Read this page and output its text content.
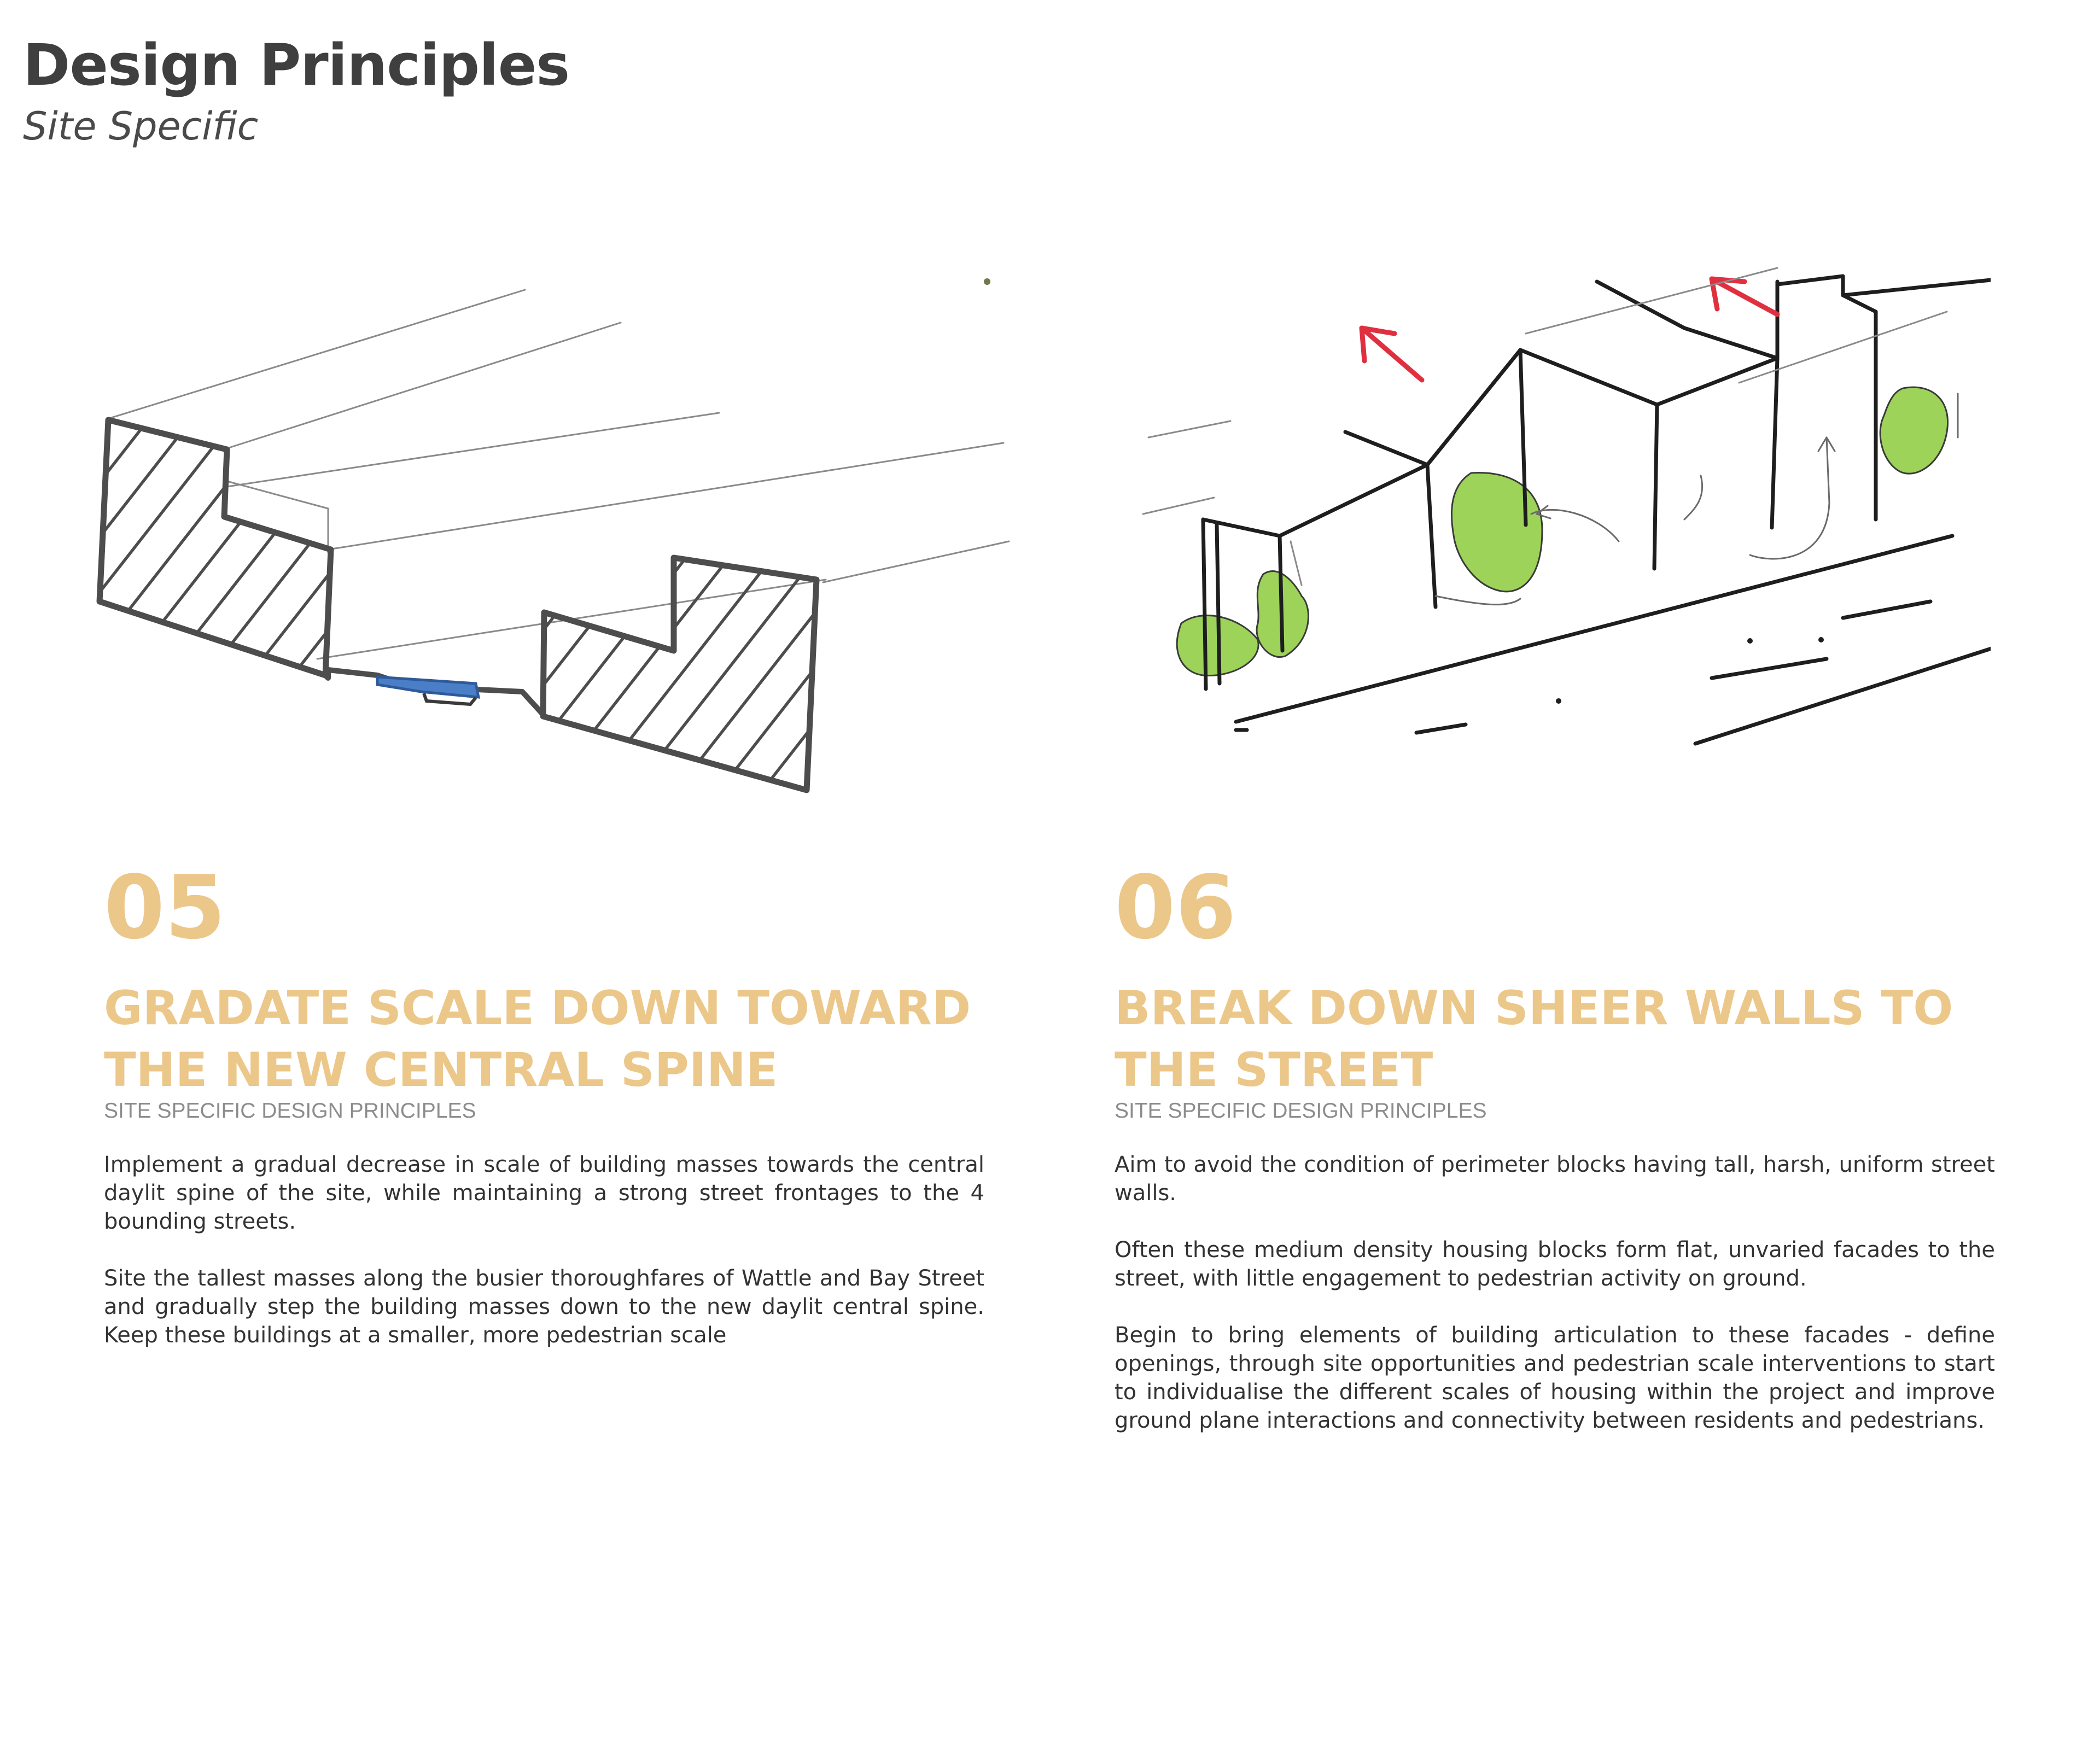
Design Principles
Site Specific
05
GRADATE SCALE DOWN TOWARD
THE NEW CENTRAL SPINE
SITE SPECIFIC DESIGN PRINCIPLES

Implement a gradual decrease in scale of building masses towards the central daylit spine of the site, while maintaining a strong street frontages to the 4 bounding streets.

Site the tallest masses along the busier thoroughfares of Wattle and Bay Street and gradually step the building masses down to the new daylit central spine. Keep these buildings at a smaller, more pedestrian scale

06
BREAK DOWN SHEER WALLS TO
THE STREET
SITE SPECIFIC DESIGN PRINCIPLES

Aim to avoid the condition of perimeter blocks having tall, harsh, uniform street walls.

Often these medium density housing blocks form flat, unvaried facades to the street, with little engagement to pedestrian activity on ground.

Begin to bring elements of building articulation to these facades - define openings, through site opportunities and pedestrian scale interventions to start to individualise the different scales of housing within the project and improve ground plane interactions and connectivity between residents and pedestrians.
